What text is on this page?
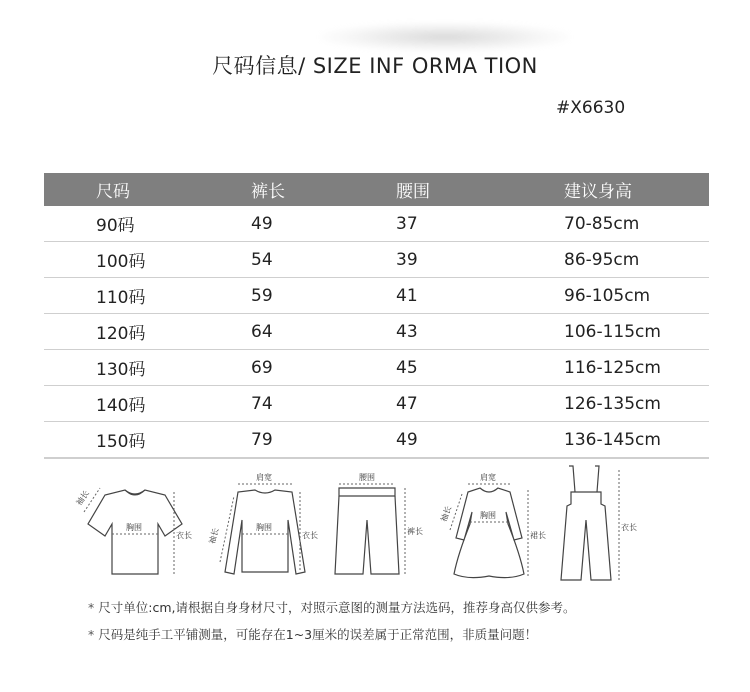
尺码信息/ SIZE INF ORMA TION
#X6630
尺码	裤长	腰围	建议身高
90码	49	37	70-85cm
100码	54	39	86-95cm
110码	59	41	96-105cm
120码	64	43	106-115cm
130码	69	45	116-125cm
140码	74	47	126-135cm
150码	79	49	136-145cm
袖长
胸围
衣长
肩宽
袖长	胸围
衣长
腰围
裤长
肩宽
袖长	胸围
裙长
衣长
* 尺寸单位:cm,请根据自身身材尺寸，对照示意图的测量方法选码，推荐身高仅供参考。
* 尺码是纯手工平铺测量，可能存在1~3厘米的误差属于正常范围，非质量问题！
